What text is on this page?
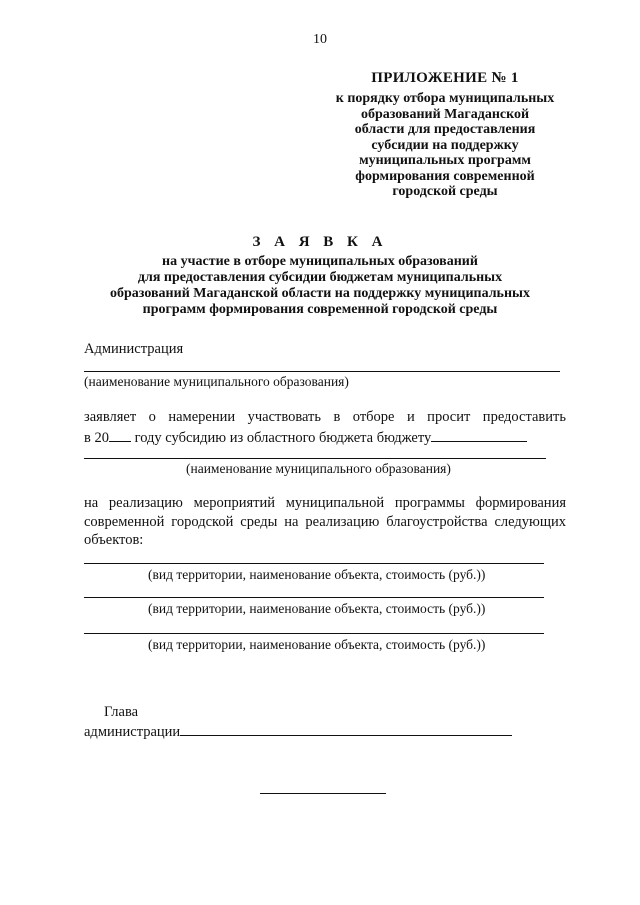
10
ПРИЛОЖЕНИЕ № 1
к порядку отбора муниципальных
образований Магаданской
области для предоставления
субсидии на поддержку
муниципальных программ
формирования современной
городской среды
З А Я В К А
на участие в отборе муниципальных образований
для предоставления субсидии бюджетам муниципальных
образований Магаданской области на поддержку муниципальных
программ формирования современной городской среды
Администрация
(наименование муниципального образования)
заявляет о намерении участвовать в отборе и просит предоставить
в 20 году субсидию из областного бюджета бюджету
(наименование муниципального образования)
на реализацию мероприятий муниципальной программы формирования
современной городской среды на реализацию благоустройства следующих
объектов:
(вид территории, наименование объекта, стоимость (руб.))
(вид территории, наименование объекта, стоимость (руб.))
(вид территории, наименование объекта, стоимость (руб.))
Глава
администрации
